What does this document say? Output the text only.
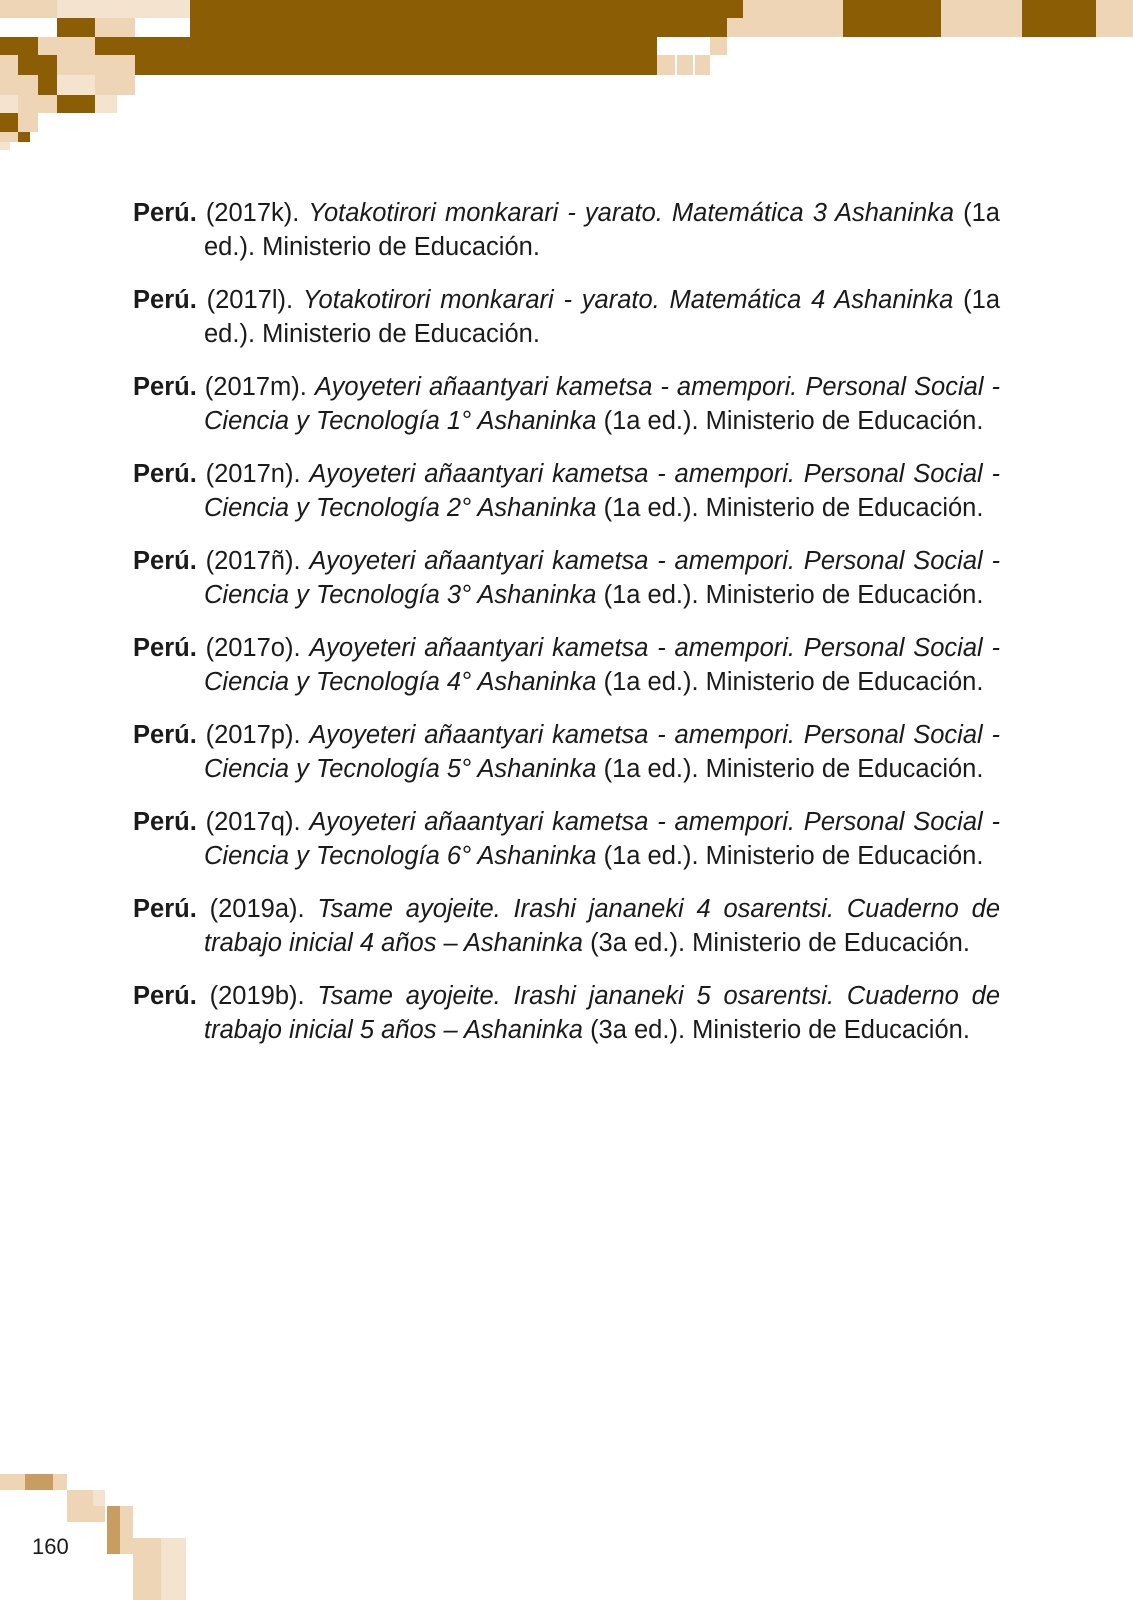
Perú. (2017k). Yotakotirori monkarari - yarato. Matemática 3 Ashaninka (1a ed.). Ministerio de Educación.

Perú. (2017l). Yotakotirori monkarari - yarato. Matemática 4 Ashaninka (1a ed.). Ministerio de Educación.

Perú. (2017m). Ayoyeteri añaantyari kametsa - amempori. Personal Social - Ciencia y Tecnología 1° Ashaninka (1a ed.). Ministerio de Educación.

Perú. (2017n). Ayoyeteri añaantyari kametsa - amempori. Personal Social - Ciencia y Tecnología 2° Ashaninka (1a ed.). Ministerio de Educación.

Perú. (2017ñ). Ayoyeteri añaantyari kametsa - amempori. Personal Social - Ciencia y Tecnología 3° Ashaninka (1a ed.). Ministerio de Educación.

Perú. (2017o). Ayoyeteri añaantyari kametsa - amempori. Personal Social - Ciencia y Tecnología 4° Ashaninka (1a ed.). Ministerio de Educación.

Perú. (2017p). Ayoyeteri añaantyari kametsa - amempori. Personal Social - Ciencia y Tecnología 5° Ashaninka (1a ed.). Ministerio de Educación.

Perú. (2017q). Ayoyeteri añaantyari kametsa - amempori. Personal Social - Ciencia y Tecnología 6° Ashaninka (1a ed.). Ministerio de Educación.

Perú. (2019a). Tsame ayojeite. Irashi jananeki 4 osarentsi. Cuaderno de trabajo inicial 4 años – Ashaninka (3a ed.). Ministerio de Educación.

Perú. (2019b). Tsame ayojeite. Irashi jananeki 5 osarentsi. Cuaderno de trabajo inicial 5 años – Ashaninka (3a ed.). Ministerio de Educación.

160
